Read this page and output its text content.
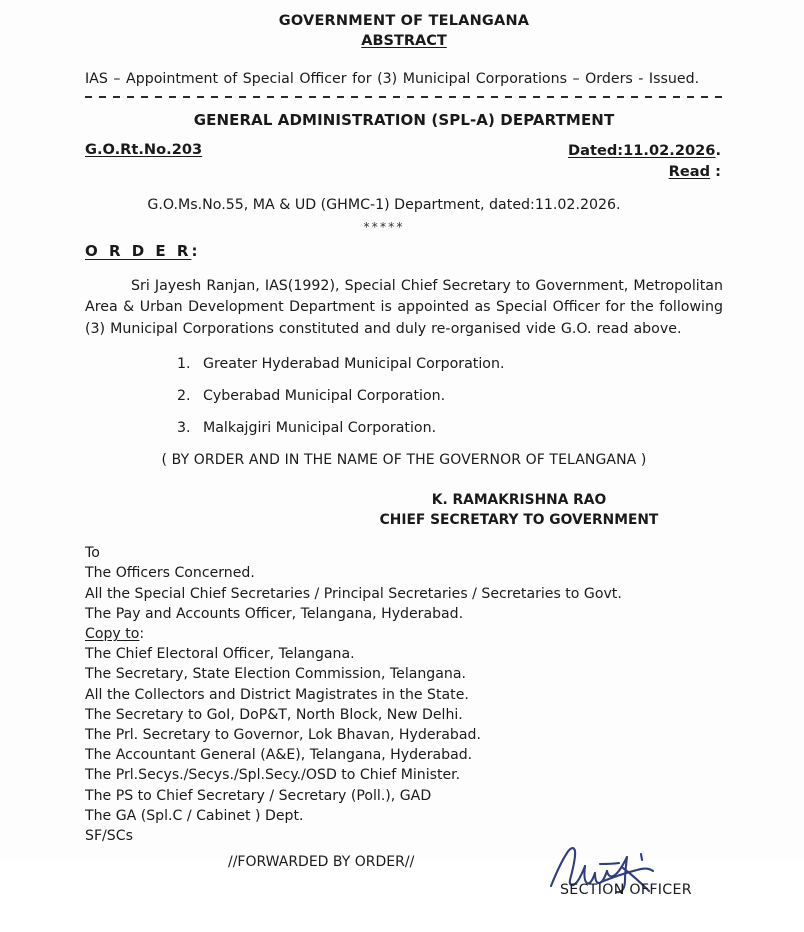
GOVERNMENT OF TELANGANA
ABSTRACT
IAS – Appointment of Special Officer for (3) Municipal Corporations – Orders - Issued.
GENERAL ADMINISTRATION (SPL-A) DEPARTMENT
G.O.Rt.No.203	Dated:11.02.2026.
Read :
G.O.Ms.No.55, MA & UD (GHMC-1) Department, dated:11.02.2026.
*****
O R D E R:
Sri Jayesh Ranjan, IAS(1992), Special Chief Secretary to Government, Metropolitan Area & Urban Development Department is appointed as Special Officer for the following (3) Municipal Corporations constituted and duly re-organised vide G.O. read above.
1. Greater Hyderabad Municipal Corporation.
2. Cyberabad Municipal Corporation.
3. Malkajgiri Municipal Corporation.
( BY ORDER AND IN THE NAME OF THE GOVERNOR OF TELANGANA )
K. RAMAKRISHNA RAO
CHIEF SECRETARY TO GOVERNMENT
To
The Officers Concerned.
All the Special Chief Secretaries / Principal Secretaries / Secretaries to Govt.
The Pay and Accounts Officer, Telangana, Hyderabad.
Copy to:
The Chief Electoral Officer, Telangana.
The Secretary, State Election Commission, Telangana.
All the Collectors and District Magistrates in the State.
The Secretary to GoI, DoP&T, North Block, New Delhi.
The Prl. Secretary to Governor, Lok Bhavan, Hyderabad.
The Accountant General (A&E), Telangana, Hyderabad.
The Prl.Secys./Secys./Spl.Secy./OSD to Chief Minister.
The PS to Chief Secretary / Secretary (Poll.), GAD
The GA (Spl.C / Cabinet ) Dept.
SF/SCs
//FORWARDED BY ORDER//
SECTION OFFICER
